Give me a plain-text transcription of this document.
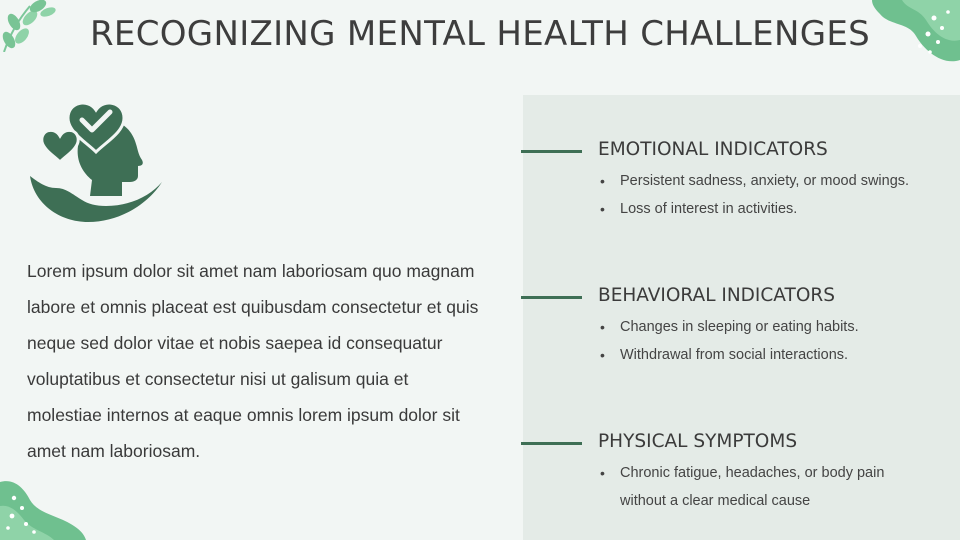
RECOGNIZING MENTAL HEALTH CHALLENGES

Lorem ipsum dolor sit amet nam laboriosam quo magnam labore et omnis placeat est quibusdam consectetur et quis neque sed dolor vitae et nobis saepea id consequatur voluptatibus et consectetur nisi ut galisum quia et molestiae internos at eaque omnis lorem ipsum dolor sit amet nam laboriosam.

EMOTIONAL INDICATORS
• Persistent sadness, anxiety, or mood swings.
• Loss of interest in activities.
BEHAVIORAL INDICATORS
• Changes in sleeping or eating habits.
• Withdrawal from social interactions.
PHYSICAL SYMPTOMS
• Chronic fatigue, headaches, or body pain without a clear medical cause
